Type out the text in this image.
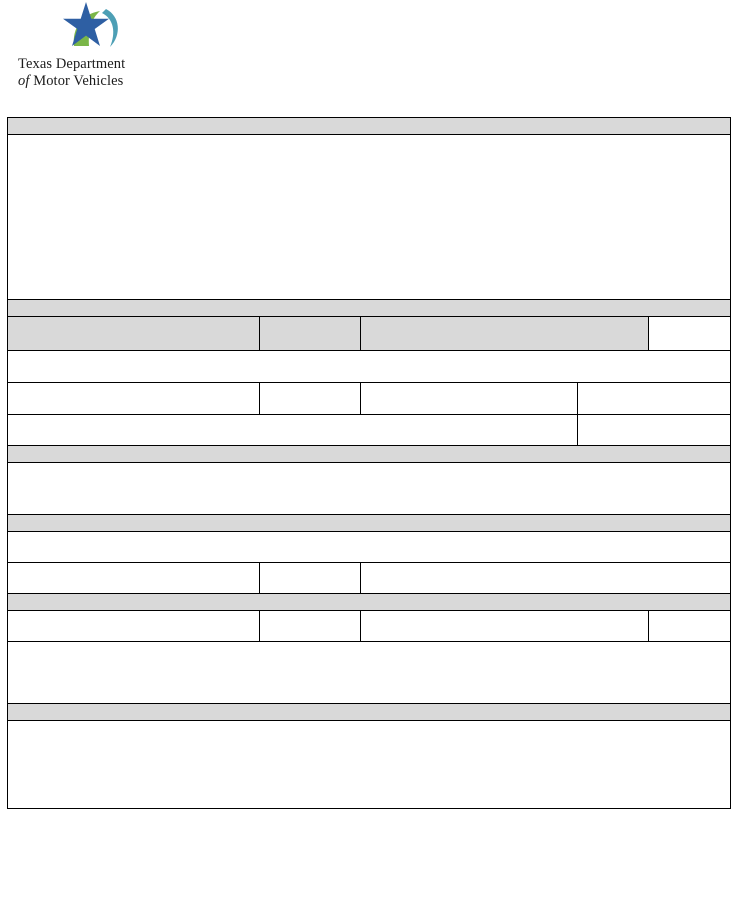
Texas Department
of Motor Vehicles
